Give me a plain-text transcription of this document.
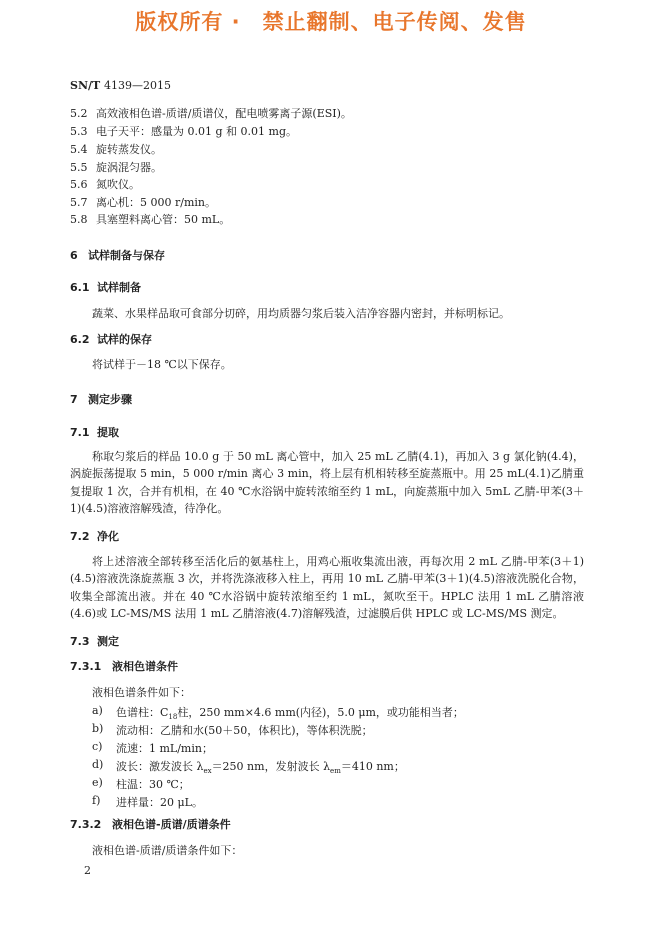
版权所有 ·　禁止翻制、电子传阅、发售
SN/T 4139—2015
5.2 高效液相色谱-质谱/质谱仪，配电喷雾离子源(ESI)。
5.3 电子天平：感量为 0.01 g 和 0.01 mg。
5.4 旋转蒸发仪。
5.5 旋涡混匀器。
5.6 氮吹仪。
5.7 离心机：5 000 r/min。
5.8 具塞塑料离心管：50 mL。
6 试样制备与保存
6.1 试样制备
蔬菜、水果样品取可食部分切碎，用均质器匀浆后装入洁净容器内密封，并标明标记。
6.2 试样的保存
将试样于－18 ℃以下保存。
7 测定步骤
7.1 提取
称取匀浆后的样品 10.0 g 于 50 mL 离心管中，加入 25 mL 乙腈(4.1)，再加入 3 g 氯化钠(4.4)，涡旋振荡提取 5 min，5 000 r/min 离心 3 min，将上层有机相转移至旋蒸瓶中。用 25 mL(4.1)乙腈重复提取 1 次，合并有机相，在 40 ℃水浴锅中旋转浓缩至约 1 mL，向旋蒸瓶中加入 5mL 乙腈-甲苯(3＋1)(4.5)溶液溶解残渣，待净化。
7.2 净化
将上述溶液全部转移至活化后的氨基柱上，用鸡心瓶收集流出液，再每次用 2 mL 乙腈-甲苯(3＋1)(4.5)溶液洗涤旋蒸瓶 3 次，并将洗涤液移入柱上，再用 10 mL 乙腈-甲苯(3＋1)(4.5)溶液洗脱化合物，收集全部流出液。并在 40 ℃水浴锅中旋转浓缩至约 1 mL，氮吹至干。HPLC 法用 1 mL 乙腈溶液(4.6)或 LC-MS/MS 法用 1 mL 乙腈溶液(4.7)溶解残渣，过滤膜后供 HPLC 或 LC-MS/MS 测定。
7.3 测定
7.3.1 液相色谱条件
液相色谱条件如下：
a) 色谱柱：$C_{18}$柱，250 mm×4.6 mm(内径)，5.0 μm，或功能相当者；
b) 流动相：乙腈和水(50＋50，体积比)，等体积洗脱；
c) 流速：1 mL/min；
d) 波长：激发波长 $\lambda_{ex}=250$ nm，发射波长 $\lambda_{em}=410$ nm；
e) 柱温：30 ℃；
f) 进样量：20 μL。
7.3.2 液相色谱-质谱/质谱条件
液相色谱-质谱/质谱条件如下：
2
